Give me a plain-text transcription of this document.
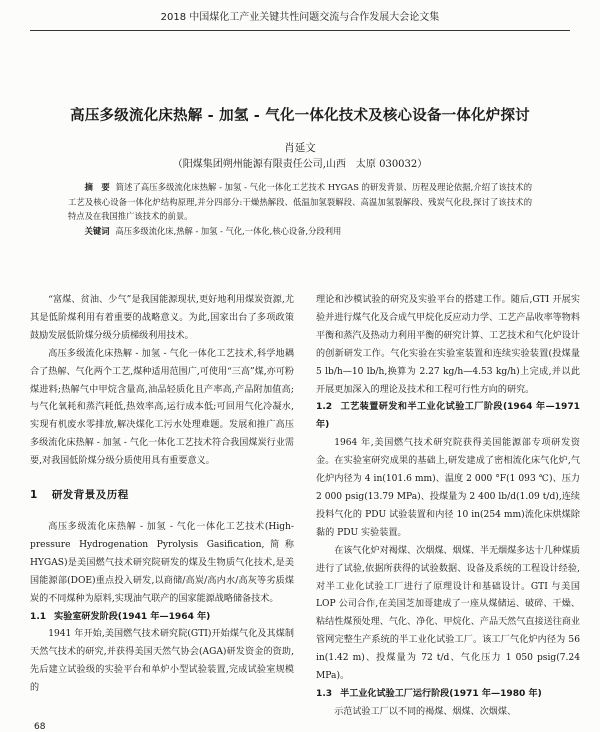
2018 中国煤化工产业关键共性问题交流与合作发展大会论文集
高压多级流化床热解 - 加氢 - 气化一体化技术及核心设备一体化炉探讨
肖延文
（阳煤集团朔州能源有限责任公司,山西　太原 030032）

摘　要 简述了高压多级流化床热解 - 加氢 - 气化一体化工艺技术 HYGAS 的研发背景、历程及理论依据,介绍了该技术的工艺及核心设备一体化炉结构原理,并分四部分:干燥热解段、低温加氢裂解段、高温加氢裂解段、残炭气化段,探讨了该技术的特点及在我国推广该技术的前景。

关键词 高压多级流化床,热解 - 加氢 - 气化,一体化,核心设备,分段利用

“富煤、贫油、少气”是我国能源现状,更好地利用煤炭资源,尤其是低阶煤利用有着重要的战略意义。为此,国家出台了多项政策鼓励发展低阶煤分级分质梯级利用技术。

高压多级流化床热解 - 加氢 - 气化一体化工艺技术,科学地耦合了热解、气化两个工艺,煤种适用范围广,可使用“三高”煤,亦可粉煤进料;热解气中甲烷含量高,油品轻质化且产率高,产品附加值高;与气化氧耗和蒸汽耗低,热效率高,运行成本低;可回用气化冷凝水,实现有机废水零排放,解决煤化工污水处理难题。发展和推广高压多级流化床热解 - 加氢 - 气化一体化工艺技术符合我国煤炭行业需要,对我国低阶煤分级分质使用具有重要意义。

1 研发背景及历程

高压多级流化床热解 - 加氢 - 气化一体化工艺技术(High-pressure Hydrogenation Pyrolysis Gasification,简称 HYGAS)是美国燃气技术研究院研发的煤及生物质气化技术,是美国能源部(DOE)重点投入研发,以商储/高炭/高内水/高灰等劣质煤炭的不同煤种为原料,实现油气联产的国家能源战略储备技术。

1.1 实验室研发阶段(1941 年—1964 年)

1941 年开始,美国燃气技术研究院(GTI)开始煤气化及其煤制天然气技术的研究,并获得美国天然气协会(AGA)研发资金的资助,先后建立试验级的实验平台和单炉小型试验装置,完成试验室规模的

理论和沙模试验的研究及实验平台的搭建工作。随后,GTI 开展实验并进行煤气化及合成气甲烷化反应动力学、工艺产品收率等物料平衡和蒸汽及热动力利用平衡的研究计算、工艺技术和气化炉设计的创新研发工作。气化实验在实验室装置和连续实验装置(投煤量 5 lb/h—10 lb/h,换算为 2.27 kg/h—4.53 kg/h)上完成,并以此开展更加深入的理论及技术和工程可行性方向的研究。

1.2 工艺装置研发和半工业化试验工厂阶段(1964 年—1971 年)

1964 年,美国燃气技术研究院获得美国能源部专项研发资金。在实验室研究成果的基础上,研发建成了密相流化床气化炉,气化炉内径为 4 in(101.6 mm)、温度 2 000 °F(1 093 ℃)、压力 2 000 psig(13.79 MPa)、投煤量为 2 400 lb/d(1.09 t/d),连续投料气化的 PDU 试验装置和内径 10 in(254 mm)流化床烘煤除黏的 PDU 实验装置。

在该气化炉对褐煤、次烟煤、烟煤、半无烟煤多达十几种煤质进行了试验,依据所获得的试验数据、设备及系统的工程设计经验,对半工业化试验工厂进行了原理设计和基础设计。GTI 与美国 LOP 公司合作,在美国芝加哥建成了一座从煤储运、破碎、干燥、粘结性煤预处理、气化、净化、甲烷化、产品天然气直接送往商业管网完整生产系统的半工业化试验工厂。该工厂气化炉内径为 56 in(1.42 m)、投煤量为 72 t/d、气化压力 1 050 psig(7.24 MPa)。

1.3 半工业化试验工厂运行阶段(1971 年—1980 年)

示范试验工厂以不同的褐煤、烟煤、次烟煤、

68
